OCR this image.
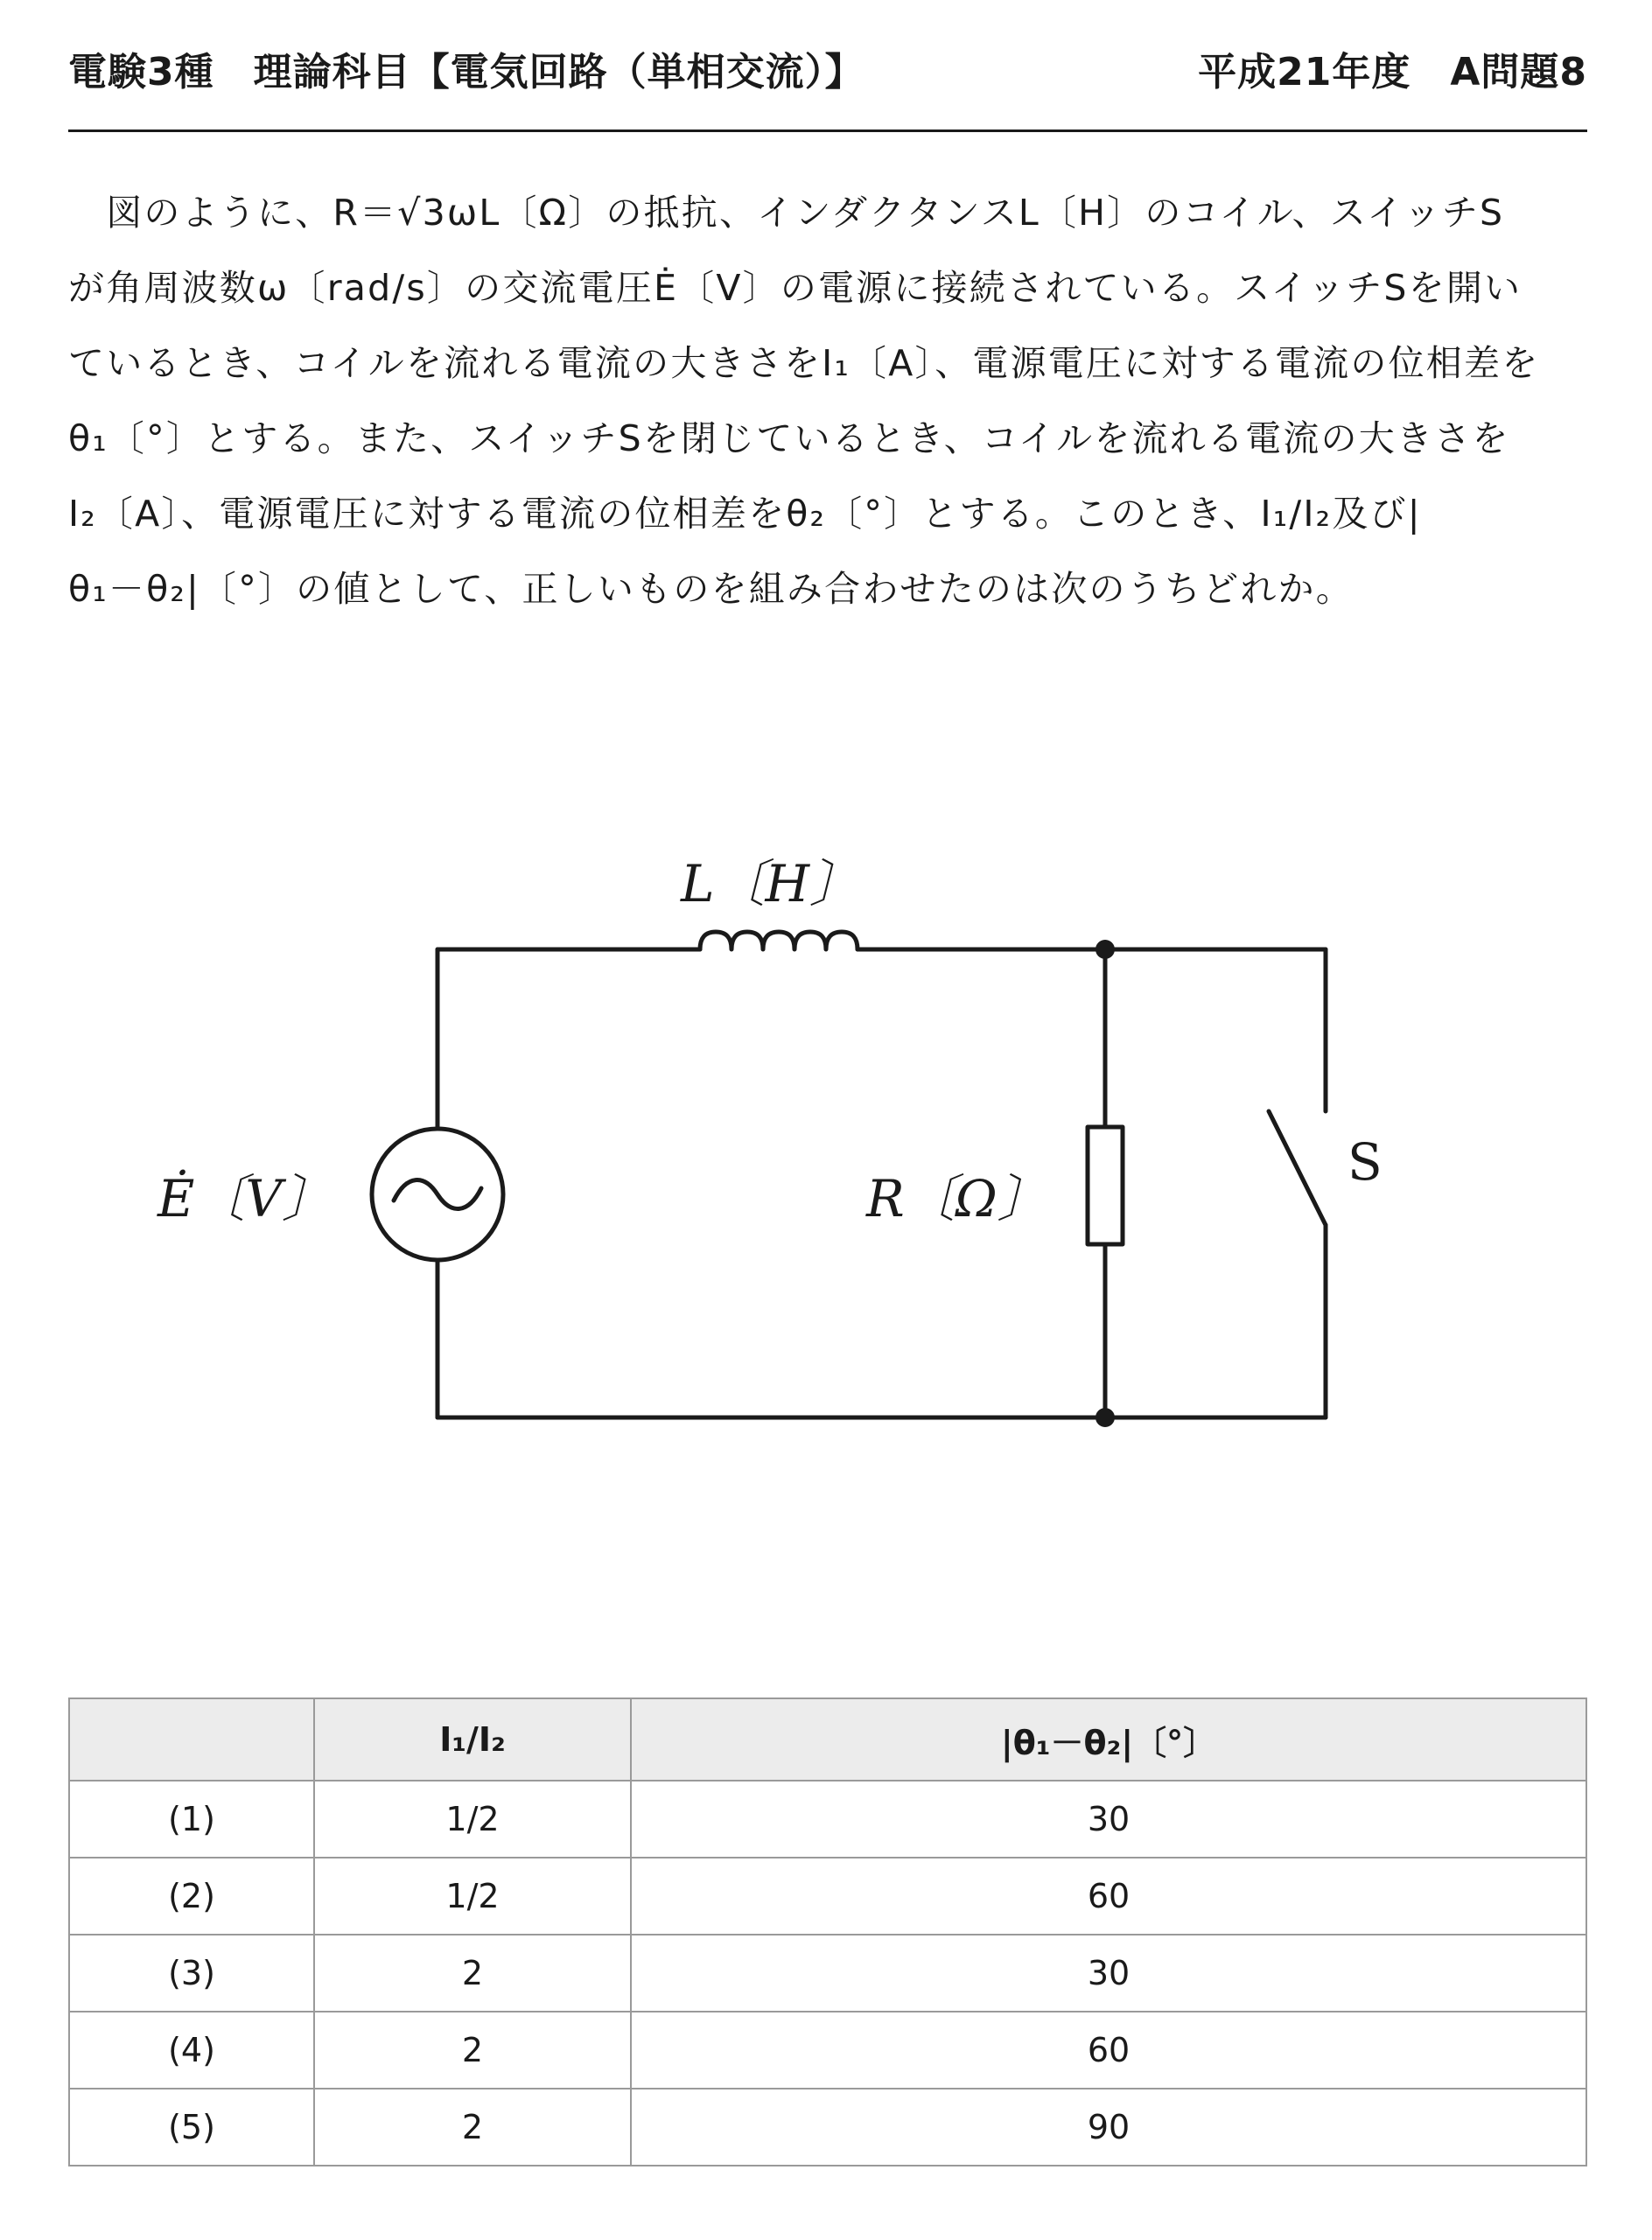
電験3種　理論科目【電気回路（単相交流）】	平成21年度　A問題8
　図のように、R＝√3ωL〔Ω〕の抵抗、インダクタンスL〔H〕のコイル、スイッチS
が角周波数ω〔rad/s〕の交流電圧Ė〔V〕の電源に接続されている。スイッチSを開い
ているとき、コイルを流れる電流の大きさをI₁〔A〕、電源電圧に対する電流の位相差を
θ₁〔°〕とする。また、スイッチSを閉じているとき、コイルを流れる電流の大きさを
I₂〔A〕、電源電圧に対する電流の位相差をθ₂〔°〕とする。このとき、I₁/I₂及び|
θ₁－θ₂|〔°〕の値として、正しいものを組み合わせたのは次のうちどれか。
L〔H〕
Ė〔V〕	R〔Ω〕
S
	I₁/I₂	|θ₁－θ₂|〔°〕
(1)	1/2	30
(2)	1/2	60
(3)	2	30
(4)	2	60
(5)	2	90
